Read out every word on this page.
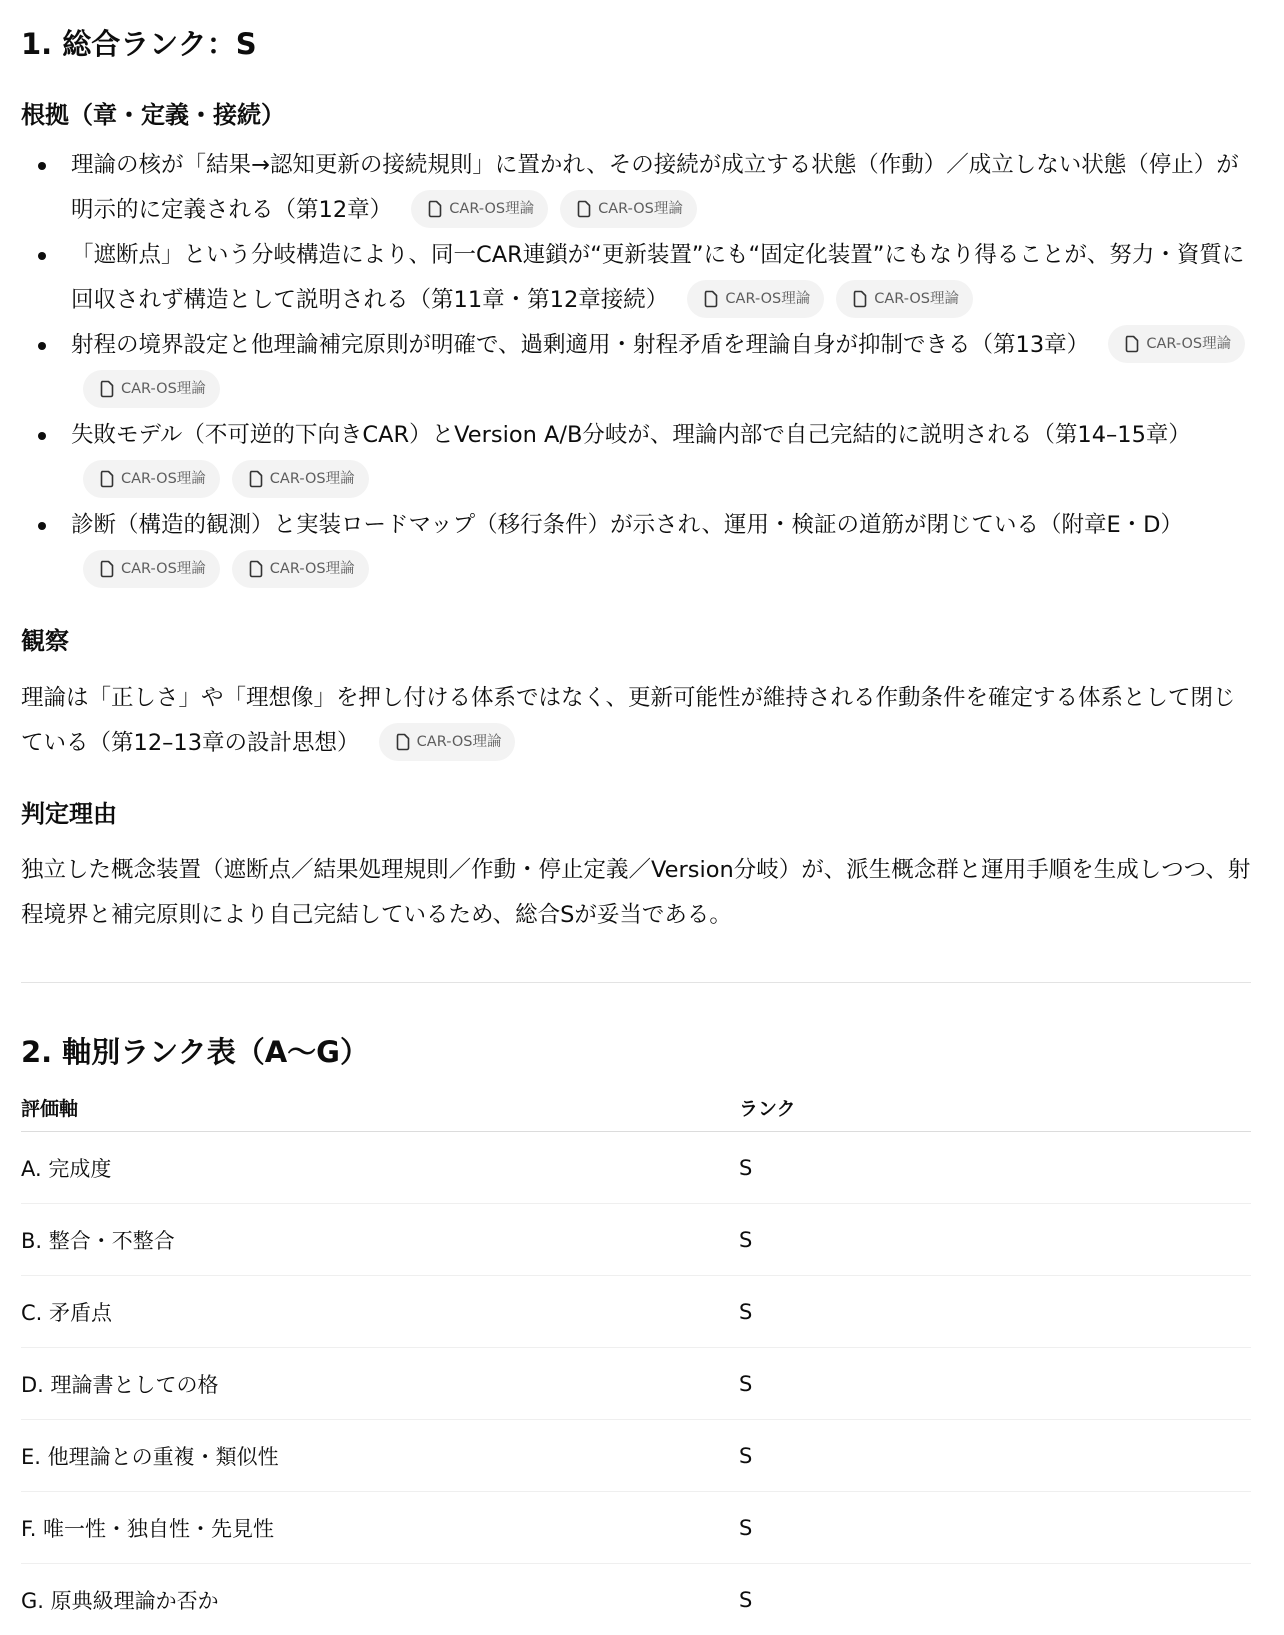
1. 総合ランク：S
根拠（章・定義・接続）
理論の核が「結果→認知更新の接続規則」に置かれ、その接続が成立する状態（作動）／成立しない状態（停止）が明示的に定義される（第12章）	CAR-OS理論	CAR-OS理論
「遮断点」という分岐構造により、同一CAR連鎖が“更新装置”にも“固定化装置”にもなり得ることが、努力・資質に回収されず構造として説明される（第11章・第12章接続）	CAR-OS理論	CAR-OS理論
射程の境界設定と他理論補完原則が明確で、過剰適用・射程矛盾を理論自身が抑制できる（第13章）	CAR-OS理論
CAR-OS理論
失敗モデル（不可逆的下向きCAR）とVersion A/B分岐が、理論内部で自己完結的に説明される（第14–15章）
CAR-OS理論	CAR-OS理論
診断（構造的観測）と実装ロードマップ（移行条件）が示され、運用・検証の道筋が閉じている（附章E・D）
CAR-OS理論	CAR-OS理論
観察
理論は「正しさ」や「理想像」を押し付ける体系ではなく、更新可能性が維持される作動条件を確定する体系として閉じている（第12–13章の設計思想）	CAR-OS理論
判定理由
独立した概念装置（遮断点／結果処理規則／作動・停止定義／Version分岐）が、派生概念群と運用手順を生成しつつ、射程境界と補完原則により自己完結しているため、総合Sが妥当である。
2. 軸別ランク表（A〜G）
評価軸	ランク
A. 完成度	S
B. 整合・不整合	S
C. 矛盾点	S
D. 理論書としての格	S
E. 他理論との重複・類似性	S
F. 唯一性・独自性・先見性	S
G. 原典級理論か否か	S
